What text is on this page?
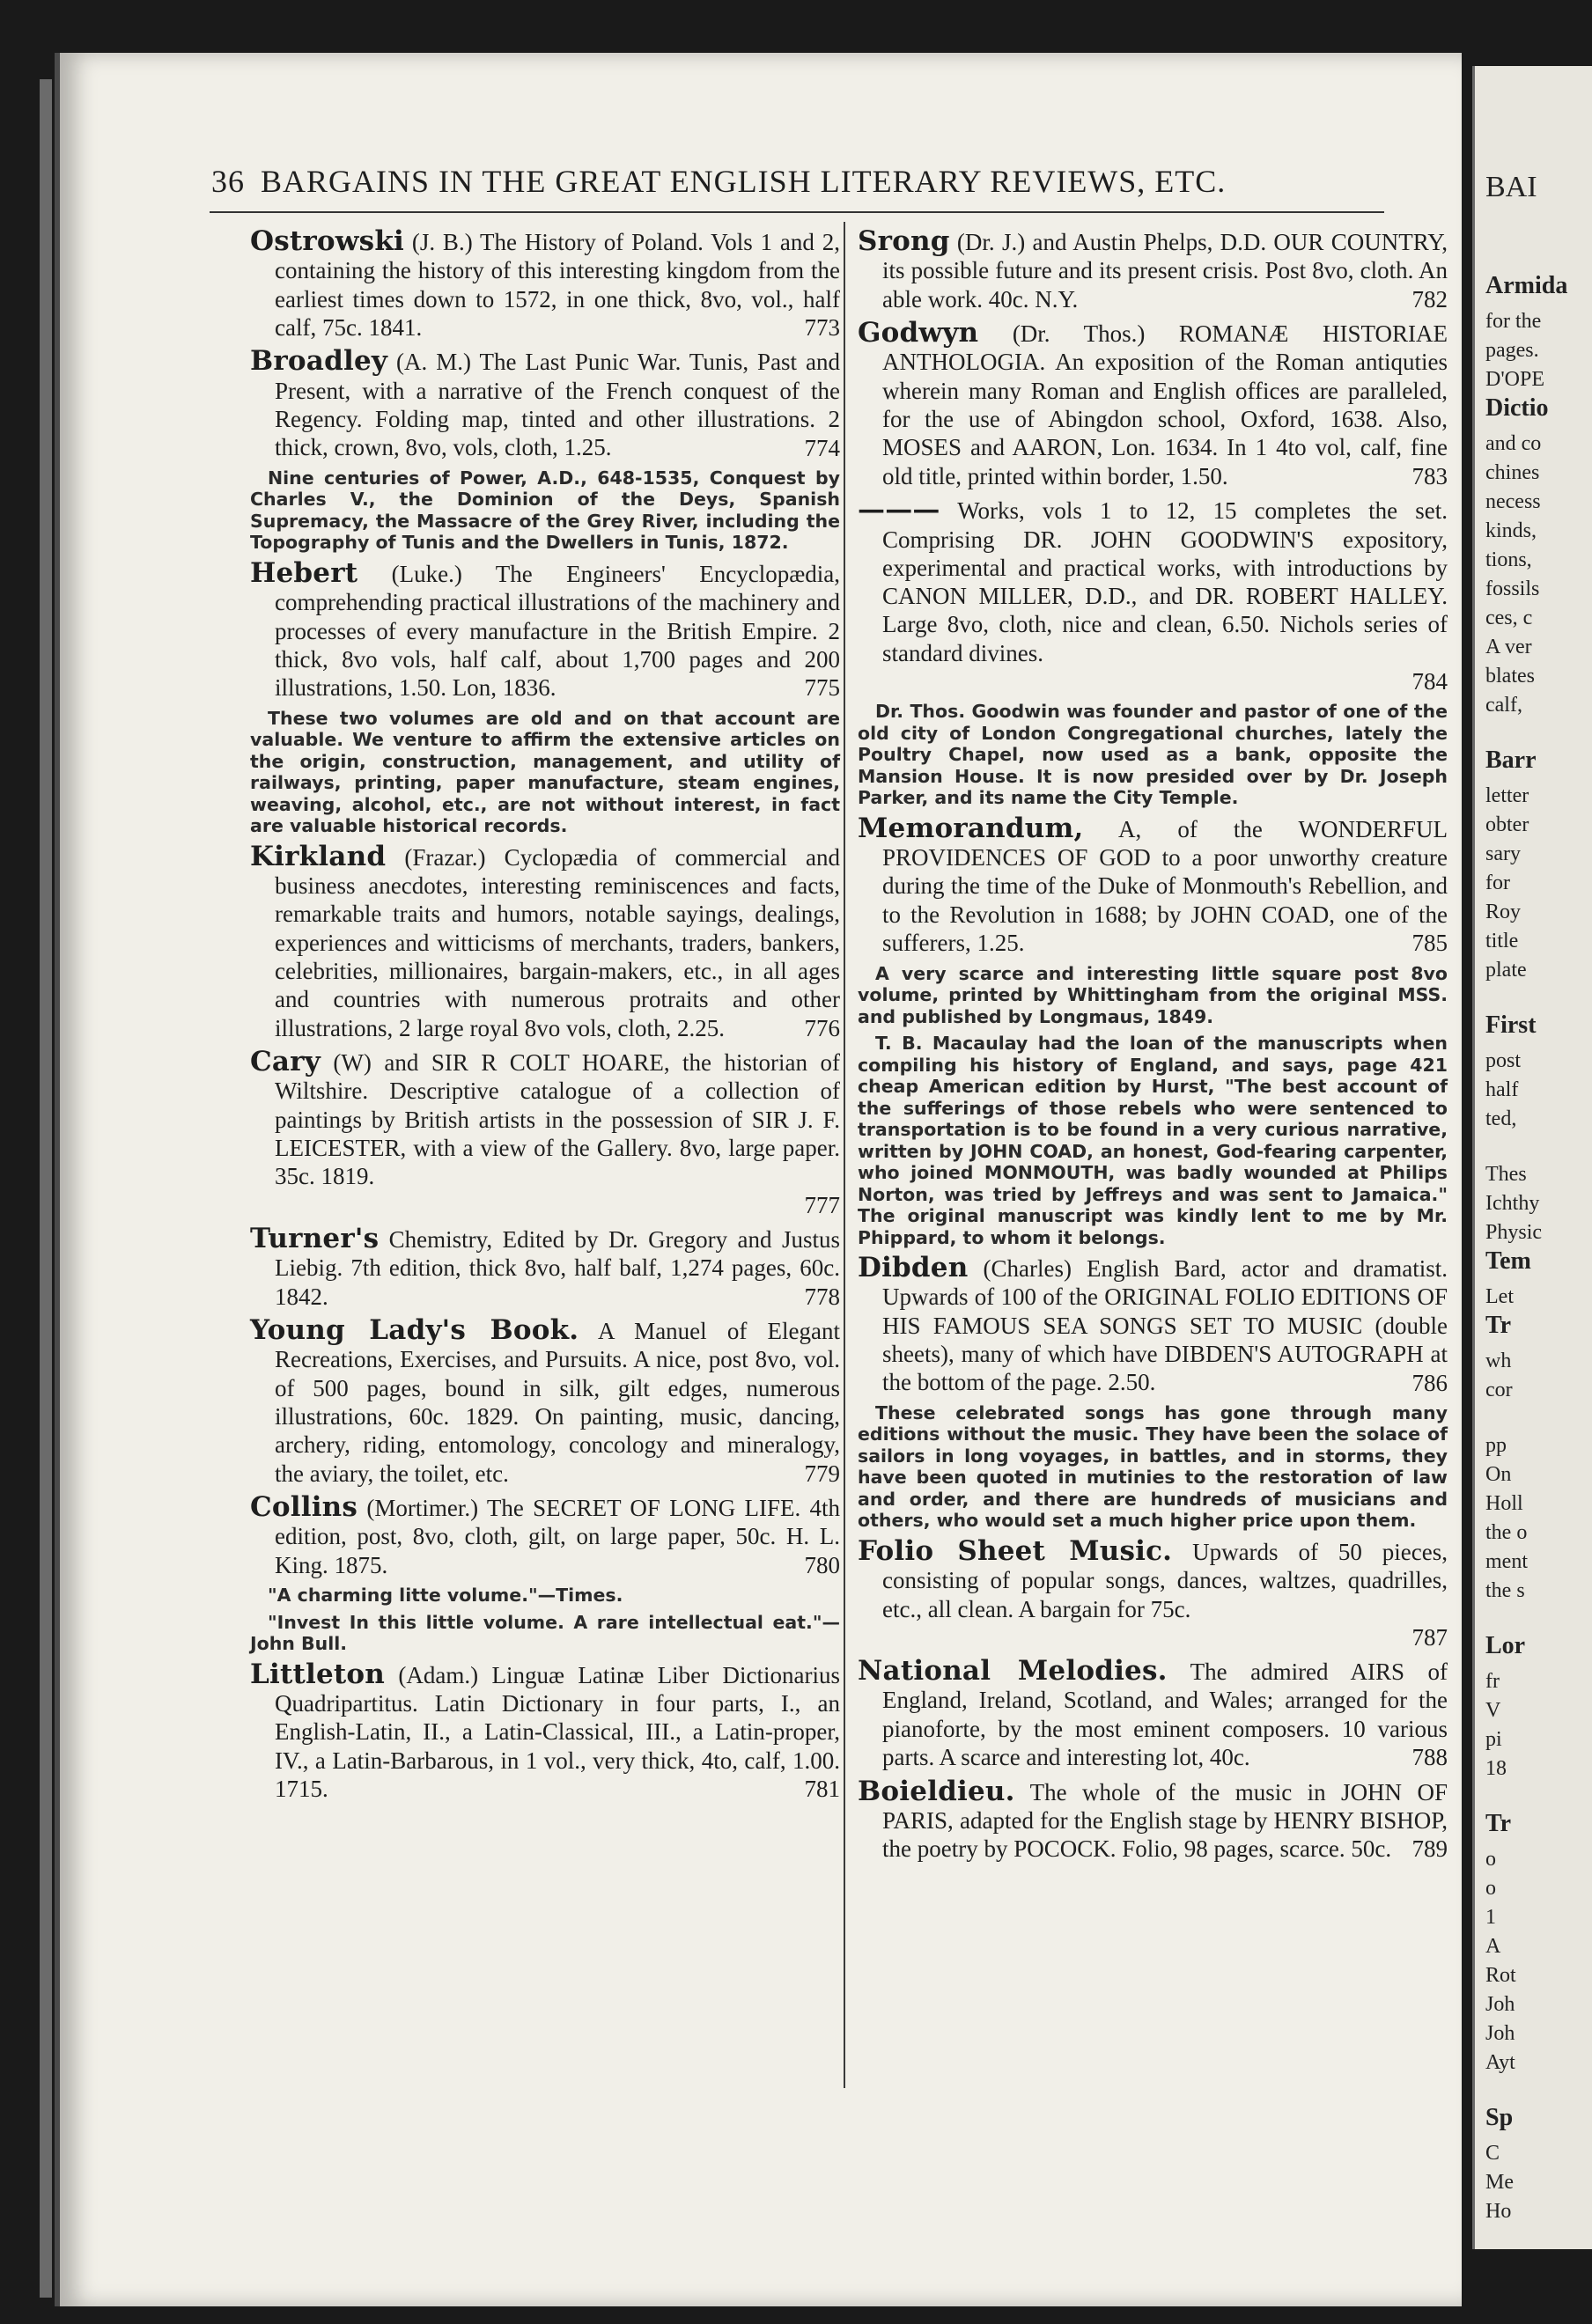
36 BARGAINS IN THE GREAT ENGLISH LITERARY REVIEWS, ETC.
Ostrowski (J. B.) The History of Poland. Vols 1 and 2, containing the history of this interesting kingdom from the earliest times down to 1572, in one thick, 8vo, vol., half calf, 75c. 1841.	773
Broadley (A. M.) The Last Punic War. Tunis, Past and Present, with a narrative of the French conquest of the Regency. Folding map, tinted and other illustrations. 2 thick, crown, 8vo, vols, cloth, 1.25.	774
Nine centuries of Power, A.D., 648-1535, Conquest by Charles V., the Dominion of the Deys, Spanish Supremacy, the Massacre of the Grey River, including the Topography of Tunis and the Dwellers in Tunis, 1872.
Hebert (Luke.) The Engineers' Encyclopædia, comprehending practical illustrations of the machinery and processes of every manufacture in the British Empire. 2 thick, 8vo vols, half calf, about 1,700 pages and 200 illustrations, 1.50. Lon, 1836.	775
These two volumes are old and on that account are valuable. We venture to affirm the extensive articles on the origin, construction, management, and utility of railways, printing, paper manufacture, steam engines, weaving, alcohol, etc., are not without interest, in fact are valuable historical records.
Kirkland (Frazar.) Cyclopædia of commercial and business anecdotes, interesting reminiscences and facts, remarkable traits and humors, notable sayings, dealings, experiences and witticisms of merchants, traders, bankers, celebrities, millionaires, bargain-makers, etc., in all ages and countries with numerous protraits and other illustrations, 2 large royal 8vo vols, cloth, 2.25.	776
Cary (W) and SIR R COLT HOARE, the historian of Wiltshire. Descriptive catalogue of a collection of paintings by British artists in the possession of SIR J. F. LEICESTER, with a view of the Gallery. 8vo, large paper. 35c. 1819.
777
Turner's Chemistry, Edited by Dr. Gregory and Justus Liebig. 7th edition, thick 8vo, half balf, 1,274 pages, 60c. 1842.	778
Young Lady's Book. A Manuel of Elegant Recreations, Exercises, and Pursuits. A nice, post 8vo, vol. of 500 pages, bound in silk, gilt edges, numerous illustrations, 60c. 1829. On painting, music, dancing, archery, riding, entomology, concology and mineralogy, the aviary, the toilet, etc.	779
Collins (Mortimer.) The SECRET OF LONG LIFE. 4th edition, post, 8vo, cloth, gilt, on large paper, 50c. H. L. King. 1875.	780
"A charming litte volume."—Times.
"Invest In this little volume. A rare intellectual eat."—John Bull.
Littleton (Adam.) Linguæ Latinæ Liber Dictionarius Quadripartitus. Latin Dictionary in four parts, I., an English-Latin, II., a Latin-Classical, III., a Latin-proper, IV., a Latin-Barbarous, in 1 vol., very thick, 4to, calf, 1.00. 1715.	781
Srong (Dr. J.) and Austin Phelps, D.D. OUR COUNTRY, its possible future and its present crisis. Post 8vo, cloth. An able work. 40c. N.Y.	782
Godwyn (Dr. Thos.) ROMANÆ HISTORIAE ANTHOLOGIA. An exposition of the Roman antiquties wherein many Roman and English offices are paralleled, for the use of Abingdon school, Oxford, 1638. Also, MOSES and AARON, Lon. 1634. In 1 4to vol, calf, fine old title, printed within border, 1.50.	783
——— Works, vols 1 to 12, 15 completes the set. Comprising DR. JOHN GOODWIN'S expository, experimental and practical works, with introductions by CANON MILLER, D.D., and DR. ROBERT HALLEY. Large 8vo, cloth, nice and clean, 6.50. Nichols series of standard divines.
784
Dr. Thos. Goodwin was founder and pastor of one of the old city of London Congregational churches, lately the Poultry Chapel, now used as a bank, opposite the Mansion House. It is now presided over by Dr. Joseph Parker, and its name the City Temple.
Memorandum, A, of the WONDERFUL PROVIDENCES OF GOD to a poor unworthy creature during the time of the Duke of Monmouth's Rebellion, and to the Revolution in 1688; by JOHN COAD, one of the sufferers, 1.25.	785
A very scarce and interesting little square post 8vo volume, printed by Whittingham from the original MSS. and published by Longmaus, 1849.
T. B. Macaulay had the loan of the manuscripts when compiling his history of England, and says, page 421 cheap American edition by Hurst, "The best account of the sufferings of those rebels who were sentenced to transportation is to be found in a very curious narrative, written by JOHN COAD, an honest, God-fearing carpenter, who joined MONMOUTH, was badly wounded at Philips Norton, was tried by Jeffreys and was sent to Jamaica." The original manuscript was kindly lent to me by Mr. Phippard, to whom it belongs.
Dibden (Charles) English Bard, actor and dramatist. Upwards of 100 of the ORIGINAL FOLIO EDITIONS OF HIS FAMOUS SEA SONGS SET TO MUSIC (double sheets), many of which have DIBDEN'S AUTOGRAPH at the bottom of the page. 2.50.	786
These celebrated songs has gone through many editions without the music. They have been the solace of sailors in long voyages, in battles, and in storms, they have been quoted in mutinies to the restoration of law and order, and there are hundreds of musicians and others, who would set a much higher price upon them.
Folio Sheet Music. Upwards of 50 pieces, consisting of popular songs, dances, waltzes, quadrilles, etc., all clean. A bargain for 75c.
787
National Melodies. The admired AIRS of England, Ireland, Scotland, and Wales; arranged for the pianoforte, by the most eminent composers. 10 various parts. A scarce and interesting lot, 40c.	788
Boieldieu. The whole of the music in JOHN OF PARIS, adapted for the English stage by HENRY BISHOP, the poetry by POCOCK. Folio, 98 pages, scarce. 50c. 789
BAI
Armida
for the
pages.
D'OPE
Dictio
and co
chines
necess
kinds,
tions,
fossils
ces, c
A ver
blates
calf,
Barr
letter
obter
sary
for
Roy
title
plate
First
post
half
ted,
Thes
Ichthy
Physic
Tem
Let
Tr
wh
cor
pp
On
Holl
the o
ment
the s
Lor
fr
V
pi
18
Tr
o
o
1
A
Rot
Joh
Joh
Ayt
Sp
C
Me
Ho
